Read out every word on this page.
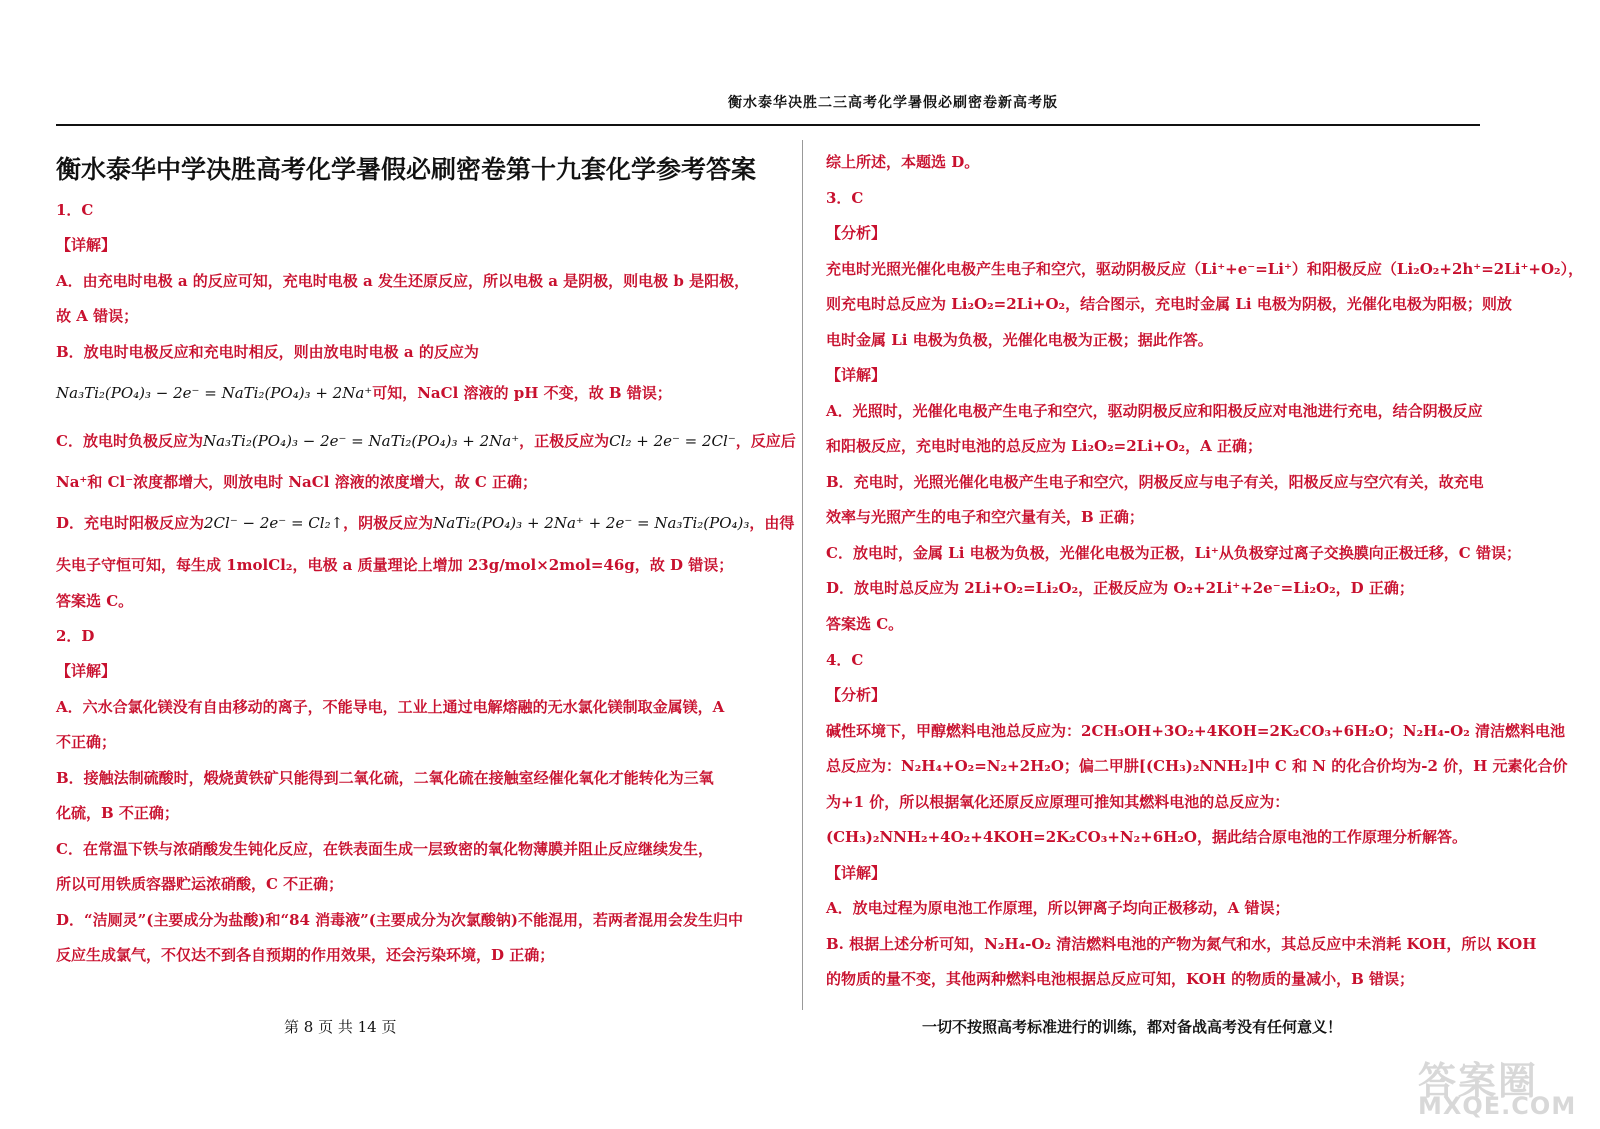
衡水泰华决胜二三高考化学暑假必刷密卷新高考版
衡水泰华中学决胜高考化学暑假必刷密卷第十九套化学参考答案
1．C
【详解】
A．由充电时电极 a 的反应可知，充电时电极 a 发生还原反应，所以电极 a 是阴极，则电极 b 是阳极，
故 A 错误；
B．放电时电极反应和充电时相反，则由放电时电极 a 的反应为
Na₃Ti₂(PO₄)₃ − 2e⁻ = NaTi₂(PO₄)₃ + 2Na⁺可知，NaCl 溶液的 pH 不变，故 B 错误；
C．放电时负极反应为Na₃Ti₂(PO₄)₃ − 2e⁻ = NaTi₂(PO₄)₃ + 2Na⁺，正极反应为Cl₂ + 2e⁻ = 2Cl⁻，反应后
Na⁺和 Cl⁻浓度都增大，则放电时 NaCl 溶液的浓度增大，故 C 正确；
D．充电时阳极反应为2Cl⁻ − 2e⁻ = Cl₂↑，阴极反应为NaTi₂(PO₄)₃ + 2Na⁺ + 2e⁻ = Na₃Ti₂(PO₄)₃，由得
失电子守恒可知，每生成 1molCl₂，电极 a 质量理论上增加 23g/mol×2mol=46g，故 D 错误；
答案选 C。
2．D
【详解】
A．六水合氯化镁没有自由移动的离子，不能导电，工业上通过电解熔融的无水氯化镁制取金属镁，A
不正确；
B．接触法制硫酸时，煅烧黄铁矿只能得到二氧化硫，二氧化硫在接触室经催化氧化才能转化为三氧
化硫，B 不正确；
C．在常温下铁与浓硝酸发生钝化反应，在铁表面生成一层致密的氧化物薄膜并阻止反应继续发生，
所以可用铁质容器贮运浓硝酸，C 不正确；
D．“洁厕灵”(主要成分为盐酸)和“84 消毒液”(主要成分为次氯酸钠)不能混用，若两者混用会发生归中
反应生成氯气，不仅达不到各自预期的作用效果，还会污染环境，D 正确；
综上所述，本题选 D。
3．C
【分析】
充电时光照光催化电极产生电子和空穴，驱动阴极反应（Li⁺+e⁻=Li⁺）和阳极反应（Li₂O₂+2h⁺=2Li⁺+O₂），
则充电时总反应为 Li₂O₂=2Li+O₂，结合图示，充电时金属 Li 电极为阴极，光催化电极为阳极；则放
电时金属 Li 电极为负极，光催化电极为正极；据此作答。
【详解】
A．光照时，光催化电极产生电子和空穴，驱动阴极反应和阳极反应对电池进行充电，结合阴极反应
和阳极反应，充电时电池的总反应为 Li₂O₂=2Li+O₂，A 正确；
B．充电时，光照光催化电极产生电子和空穴，阴极反应与电子有关，阳极反应与空穴有关，故充电
效率与光照产生的电子和空穴量有关，B 正确；
C．放电时，金属 Li 电极为负极，光催化电极为正极，Li⁺从负极穿过离子交换膜向正极迁移，C 错误；
D．放电时总反应为 2Li+O₂=Li₂O₂，正极反应为 O₂+2Li⁺+2e⁻=Li₂O₂，D 正确；
答案选 C。
4．C
【分析】
碱性环境下，甲醇燃料电池总反应为：2CH₃OH+3O₂+4KOH=2K₂CO₃+6H₂O；N₂H₄-O₂ 清洁燃料电池
总反应为：N₂H₄+O₂=N₂+2H₂O；偏二甲肼[(CH₃)₂NNH₂]中 C 和 N 的化合价均为-2 价，H 元素化合价
为+1 价，所以根据氧化还原反应原理可推知其燃料电池的总反应为：
(CH₃)₂NNH₂+4O₂+4KOH=2K₂CO₃+N₂+6H₂O，据此结合原电池的工作原理分析解答。
【详解】
A．放电过程为原电池工作原理，所以钾离子均向正极移动，A 错误；
B. 根据上述分析可知，N₂H₄-O₂ 清洁燃料电池的产物为氮气和水，其总反应中未消耗 KOH，所以 KOH
的物质的量不变，其他两种燃料电池根据总反应可知，KOH 的物质的量减小，B 错误；
第 8 页 共 14 页	一切不按照高考标准进行的训练，都对备战高考没有任何意义！
答案圈
MXQE.COM
